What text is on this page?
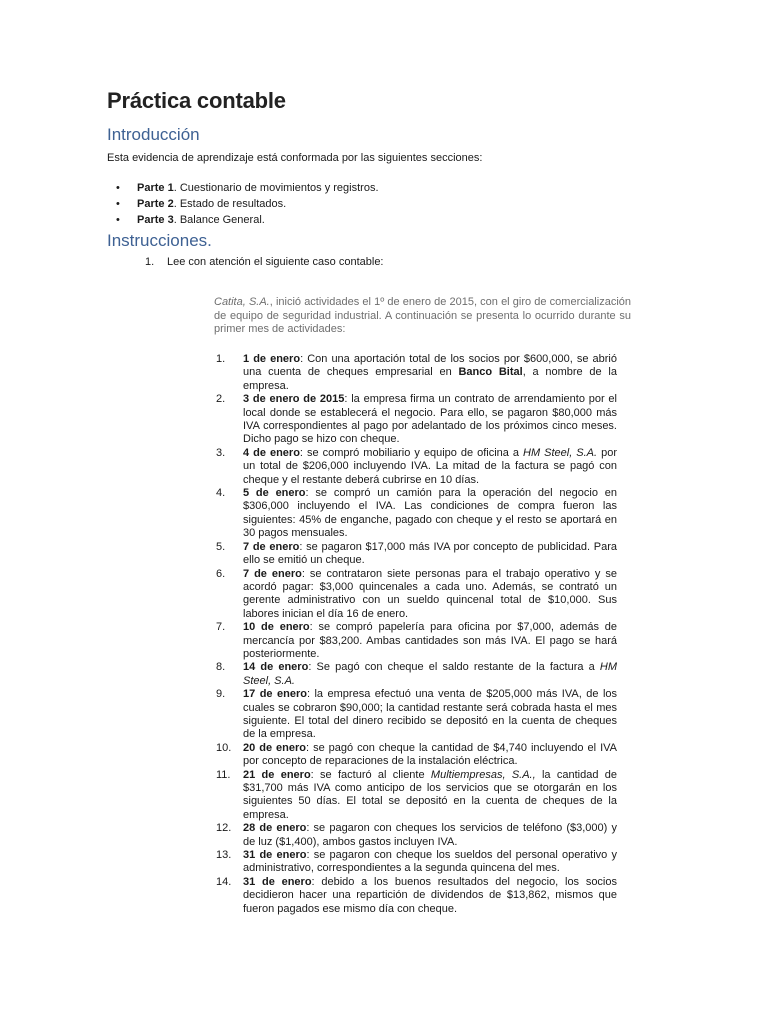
Práctica contable
Introducción

Esta evidencia de aprendizaje está conformada por las siguientes secciones:

• Parte 1. Cuestionario de movimientos y registros.
• Parte 2. Estado de resultados.
• Parte 3. Balance General.
Instrucciones.

1. Lee con atención el siguiente caso contable:

Catita, S.A., inició actividades el 1º de enero de 2015, con el giro de comercialización de equipo de seguridad industrial. A continuación se presenta lo ocurrido durante su primer mes de actividades:

1.	1 de enero: Con una aportación total de los socios por $600,000, se abrió una cuenta de cheques empresarial en Banco Bital, a nombre de la empresa.
2.	3 de enero de 2015: la empresa firma un contrato de arrendamiento por el local donde se establecerá el negocio. Para ello, se pagaron $80,000 más IVA correspondientes al pago por adelantado de los próximos cinco meses. Dicho pago se hizo con cheque.
3.	4 de enero: se compró mobiliario y equipo de oficina a HM Steel, S.A. por un total de $206,000 incluyendo IVA. La mitad de la factura se pagó con cheque y el restante deberá cubrirse en 10 días.
4.	5 de enero: se compró un camión para la operación del negocio en $306,000 incluyendo el IVA. Las condiciones de compra fueron las siguientes: 45% de enganche, pagado con cheque y el resto se aportará en 30 pagos mensuales.
5.	7 de enero: se pagaron $17,000 más IVA por concepto de publicidad. Para ello se emitió un cheque.
6.	7 de enero: se contrataron siete personas para el trabajo operativo y se acordó pagar: $3,000 quincenales a cada uno. Además, se contrató un gerente administrativo con un sueldo quincenal total de $10,000. Sus labores inician el día 16 de enero.
7.	10 de enero: se compró papelería para oficina por $7,000, además de mercancía por $83,200. Ambas cantidades son más IVA. El pago se hará posteriormente.
8.	14 de enero: Se pagó con cheque el saldo restante de la factura a HM Steel, S.A.
9.	17 de enero: la empresa efectuó una venta de $205,000 más IVA, de los cuales se cobraron $90,000; la cantidad restante será cobrada hasta el mes siguiente. El total del dinero recibido se depositó en la cuenta de cheques de la empresa.
10.	20 de enero: se pagó con cheque la cantidad de $4,740 incluyendo el IVA por concepto de reparaciones de la instalación eléctrica.
11.	21 de enero: se facturó al cliente Multiempresas, S.A., la cantidad de $31,700 más IVA como anticipo de los servicios que se otorgarán en los siguientes 50 días. El total se depositó en la cuenta de cheques de la empresa.
12.	28 de enero: se pagaron con cheques los servicios de teléfono ($3,000) y de luz ($1,400), ambos gastos incluyen IVA.
13.	31 de enero: se pagaron con cheque los sueldos del personal operativo y administrativo, correspondientes a la segunda quincena del mes.
14.	31 de enero: debido a los buenos resultados del negocio, los socios decidieron hacer una repartición de dividendos de $13,862, mismos que fueron pagados ese mismo día con cheque.
